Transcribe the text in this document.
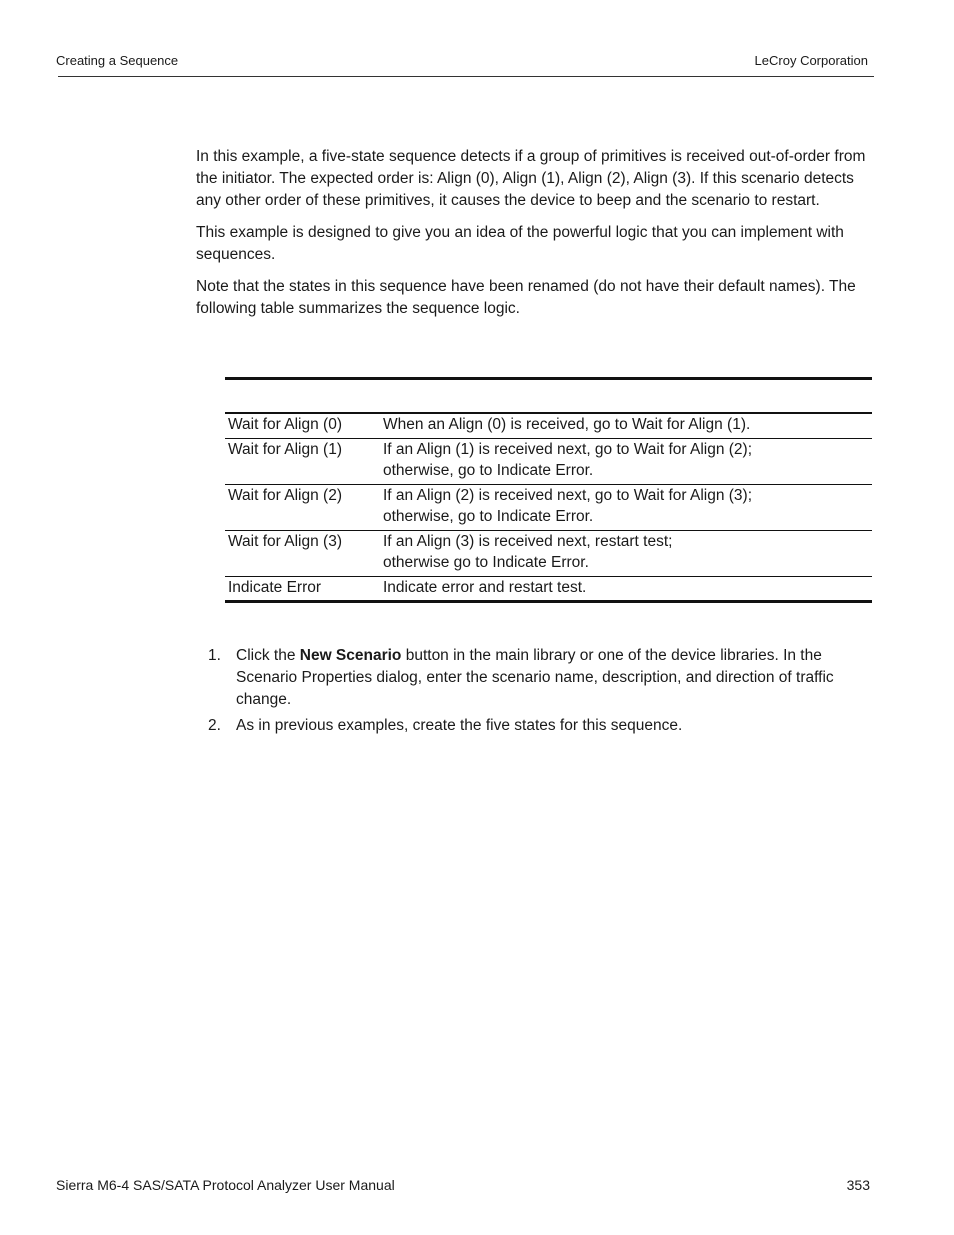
Creating a Sequence	LeCroy Corporation

In this example, a five-state sequence detects if a group of primitives is received out-of-order from the initiator. The expected order is: Align (0), Align (1), Align (2), Align (3). If this scenario detects any other order of these primitives, it causes the device to beep and the scenario to restart.

This example is designed to give you an idea of the powerful logic that you can implement with sequences.

Note that the states in this sequence have been renamed (do not have their default names). The following table summarizes the sequence logic.

Wait for Align (0)	When an Align (0) is received, go to Wait for Align (1).
Wait for Align (1)	If an Align (1) is received next, go to Wait for Align (2);
otherwise, go to Indicate Error.
Wait for Align (2)	If an Align (2) is received next, go to Wait for Align (3);
otherwise, go to Indicate Error.
Wait for Align (3)	If an Align (3) is received next, restart test;
otherwise go to Indicate Error.
Indicate Error	Indicate error and restart test.
1. Click the New Scenario button in the main library or one of the device libraries. In the Scenario Properties dialog, enter the scenario name, description, and direction of traffic change.
2. As in previous examples, create the five states for this sequence.
Sierra M6-4 SAS/SATA Protocol Analyzer User Manual	353
